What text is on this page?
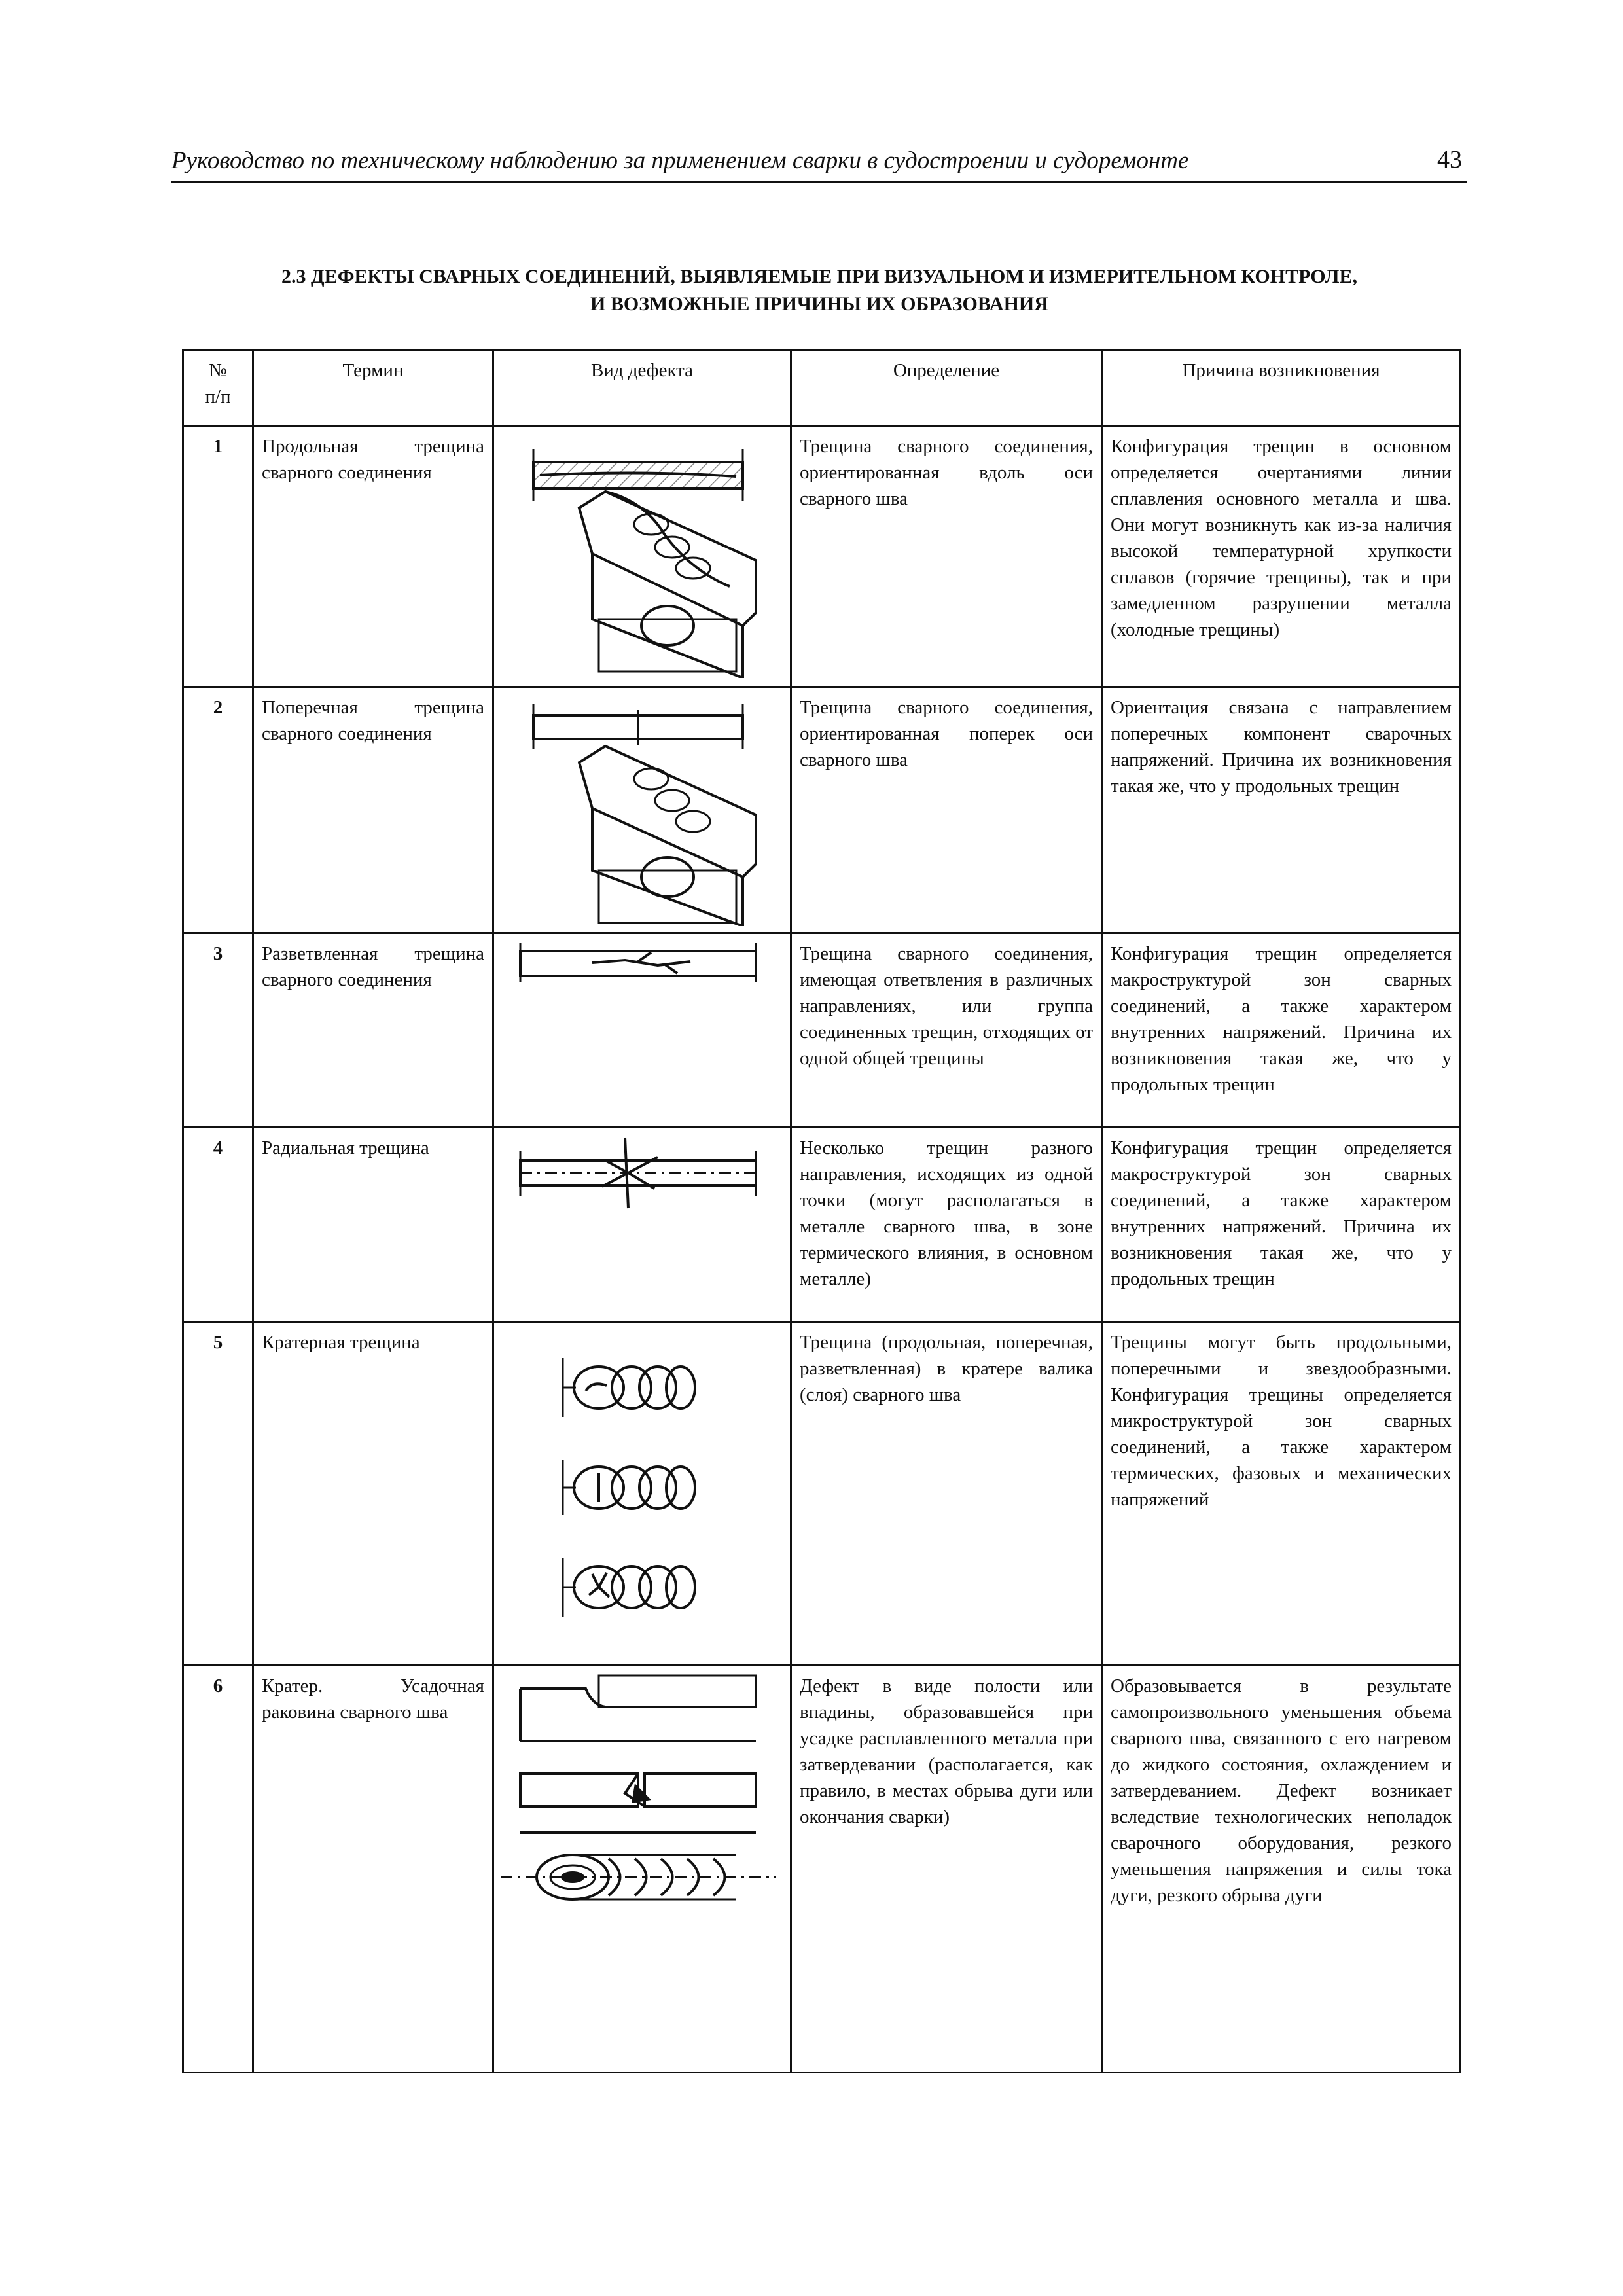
Руководство по техническому наблюдению за применением сварки в судостроении и судоремонте	43
2.3 ДЕФЕКТЫ СВАРНЫХ СОЕДИНЕНИЙ, ВЫЯВЛЯЕМЫЕ ПРИ ВИЗУАЛЬНОМ И ИЗМЕРИТЕЛЬНОМ КОНТРОЛЕ,
И ВОЗМОЖНЫЕ ПРИЧИНЫ ИХ ОБРАЗОВАНИЯ
№
п/п	Термин	Вид дефекта	Определение	Причина возникновения
1	Продольная трещина сварного соединения		Трещина сварного соединения, ориентированная вдоль оси сварного шва	Конфигурация трещин в основном определяется очертаниями линии сплавления основного металла и шва. Они могут возникнуть как из-за наличия высокой температурной хрупкости сплавов (горячие трещины), так и при замедленном разрушении металла (холодные трещины)
2	Поперечная трещина сварного соединения		Трещина сварного соединения, ориентированная поперек оси сварного шва	Ориентация связана с направлением поперечных компонент сварочных напряжений. Причина их возникновения такая же, что у продольных трещин
3	Разветвленная трещина сварного соединения		Трещина сварного соединения, имеющая ответвления в различных направлениях, или группа соединенных трещин, отходящих от одной общей трещины	Конфигурация трещин определяется макроструктурой зон сварных соединений, а также характером внутренних напряжений. Причина их возникновения такая же, что у продольных трещин
4	Радиальная трещина		Несколько трещин разного направления, исходящих из одной точки (могут располагаться в металле сварного шва, в зоне термического влияния, в основном металле)	Конфигурация трещин определяется макроструктурой зон сварных соединений, а также характером внутренних напряжений. Причина их возникновения такая же, что у продольных трещин
5	Кратерная трещина		Трещина (продольная, поперечная, разветвленная) в кратере валика (слоя) сварного шва	Трещины могут быть продольными, поперечными и звездообразными. Конфигурация трещины определяется микроструктурой зон сварных соединений, а также характером термических, фазовых и механических напряжений
6	Кратер. Усадочная раковина сварного шва		Дефект в виде полости или впадины, образовавшейся при усадке расплавленного металла при затвердевании (располагается, как правило, в местах обрыва дуги или окончания сварки)	Образовывается в результате самопроизвольного уменьшения объема сварного шва, связанного с его нагревом до жидкого состояния, охлаждением и затвердеванием. Дефект возникает вследствие технологических неполадок сварочного оборудования, резкого уменьшения напряжения и силы тока дуги, резкого обрыва дуги
